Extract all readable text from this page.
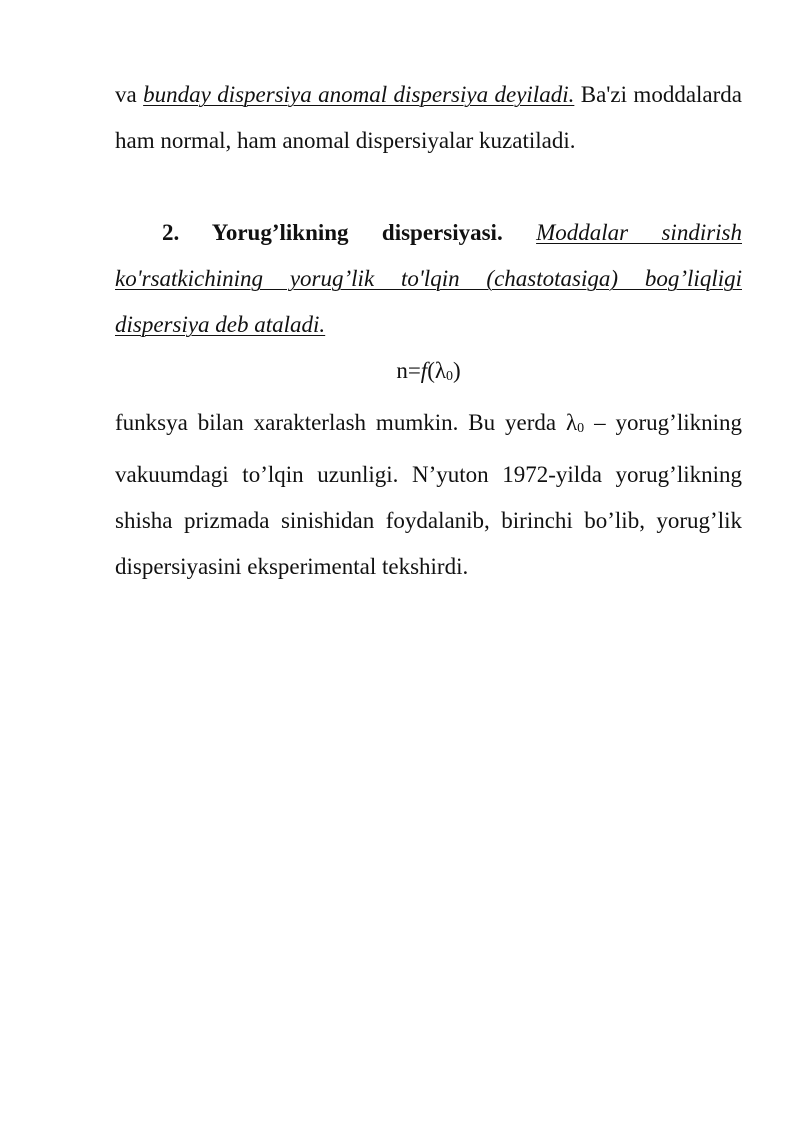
va bunday dispersiya anomal dispersiya deyiladi. Ba'zi moddalarda ham normal, ham anomal dispersiyalar kuzatiladi.

2. Yorug’likning dispersiyasi. Moddalar sindirish ko'rsatkichining yorug’lik to'lqin (chastotasiga) bog’liqligi dispersiya deb ataladi.

n=f(λ0)

funksya bilan xarakterlash mumkin. Bu yerda λ0 – yorug’likning vakuumdagi to’lqin uzunligi. N’yuton 1972-yilda yorug’likning shisha prizmada sinishidan foydalanib, birinchi bo’lib, yorug’lik dispersiyasini eksperimental tekshirdi.
